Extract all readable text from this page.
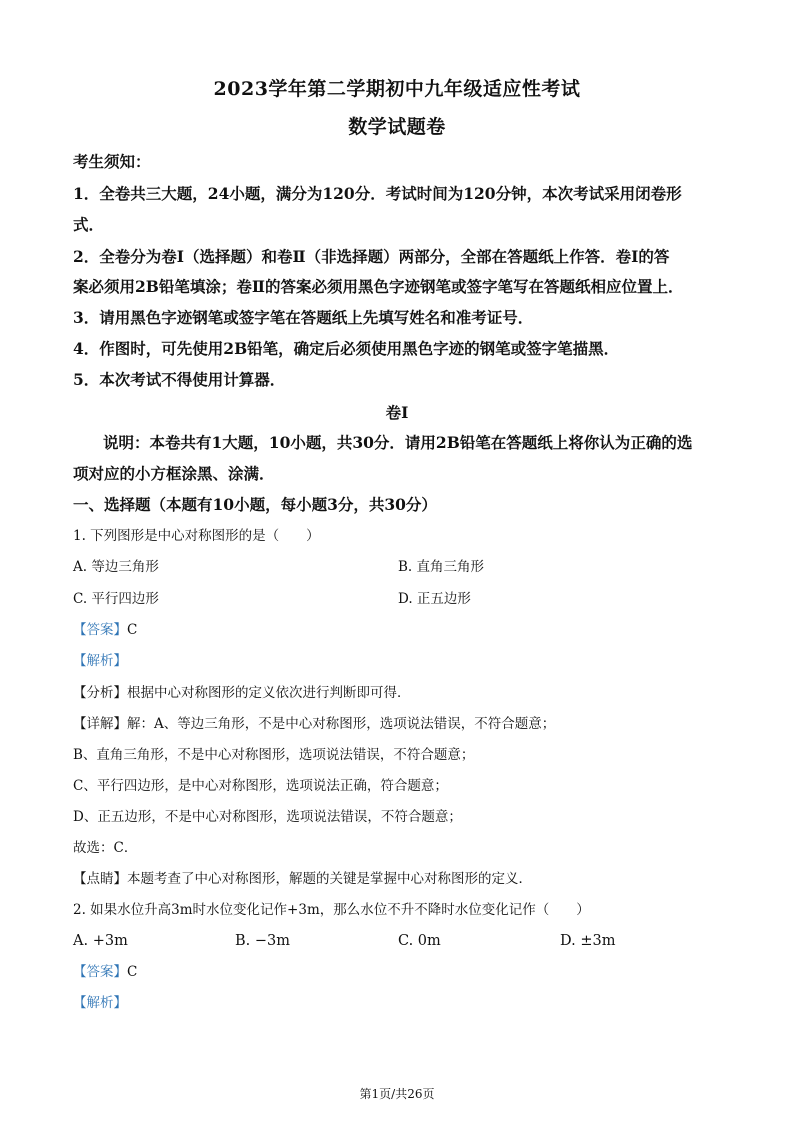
2023学年第二学期初中九年级适应性考试
数学试题卷
考生须知：
1．全卷共三大题，24小题，满分为120分．考试时间为120分钟，本次考试采用闭卷形
式．
2．全卷分为卷Ⅰ（选择题）和卷Ⅱ（非选择题）两部分，全部在答题纸上作答．卷Ⅰ的答
案必须用2B铅笔填涂；卷Ⅱ的答案必须用黑色字迹钢笔或签字笔写在答题纸相应位置上．
3．请用黑色字迹钢笔或签字笔在答题纸上先填写姓名和准考证号．
4．作图时，可先使用2B铅笔，确定后必须使用黑色字迹的钢笔或签字笔描黑．
5．本次考试不得使用计算器．
卷Ⅰ
说明：本卷共有1大题，10小题，共30分．请用2B铅笔在答题纸上将你认为正确的选
项对应的小方框涂黑、涂满．
一、选择题（本题有10小题，每小题3分，共30分）
1. 下列图形是中心对称图形的是（　　）
A. 等边三角形	B. 直角三角形
C. 平行四边形	D. 正五边形
【答案】C
【解析】
【分析】根据中心对称图形的定义依次进行判断即可得．
【详解】解：A、等边三角形，不是中心对称图形，选项说法错误，不符合题意；
B、直角三角形，不是中心对称图形，选项说法错误，不符合题意；
C、平行四边形，是中心对称图形，选项说法正确，符合题意；
D、正五边形，不是中心对称图形，选项说法错误，不符合题意；
故选：C．
【点睛】本题考查了中心对称图形，解题的关键是掌握中心对称图形的定义．
2. 如果水位升高3m时水位变化记作+3m，那么水位不升不降时水位变化记作（　　）
A. +3m	B. −3m	C. 0m	D. ±3m
【答案】C
【解析】
第1页/共26页
